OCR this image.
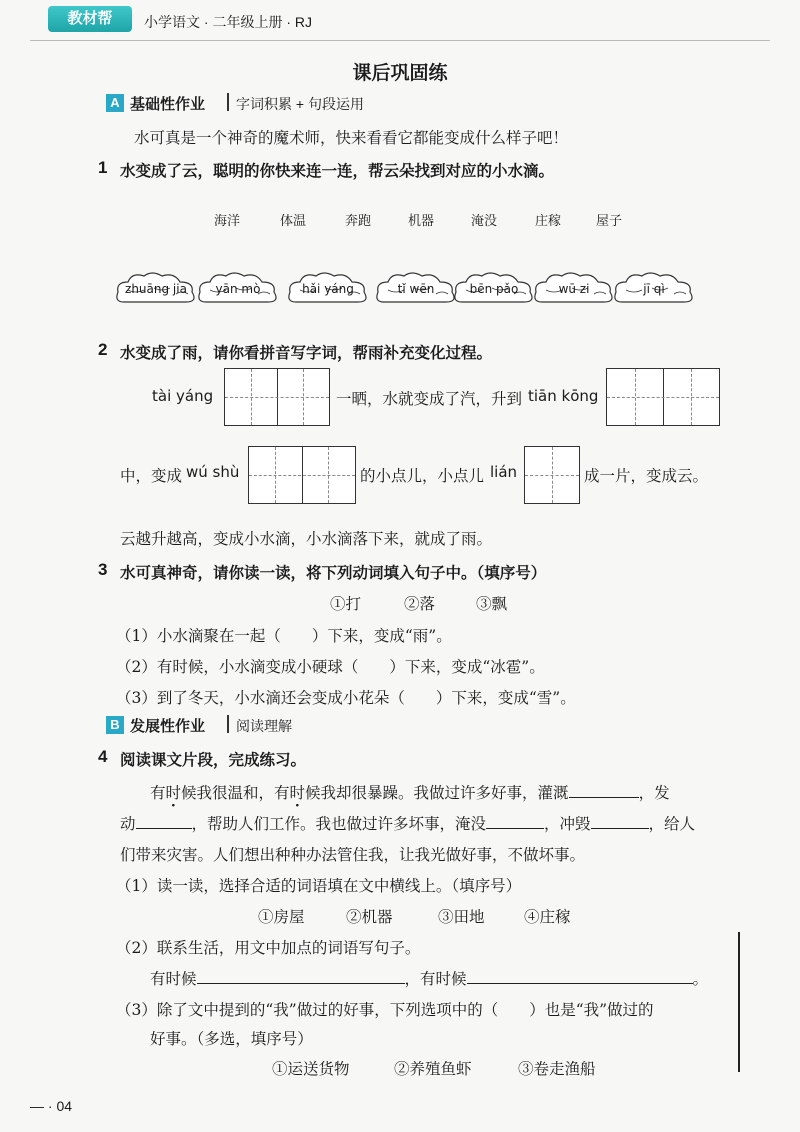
教材帮	小学语文 · 二年级上册 · RJ
课后巩固练
A 基础性作业 字词积累 + 句段运用
水可真是一个神奇的魔术师，快来看看它都能变成什么样子吧！
1 水变成了云，聪明的你快来连一连，帮云朵找到对应的小水滴。
海洋	体温	奔跑	机器	淹没	庄稼	屋子
zhuāng jia	yān mò	hǎi yáng	tǐ wēn	bēn pǎo	wū zi	jī qì
2 水变成了雨，请你看拼音写字词，帮雨补充变化过程。
tài yáng	一晒，水就变成了汽，升到 tiān kōng
中，变成 wú shù	的小点儿，小点儿 lián	成一片，变成云。
云越升越高，变成小水滴，小水滴落下来，就成了雨。
3 水可真神奇，请你读一读，将下列动词填入句子中。（填序号）
①打	②落	③飘
（1）小水滴聚在一起（　　）下来，变成“雨”。
（2）有时候，小水滴变成小硬球（　　）下来，变成“冰雹”。
（3）到了冬天，小水滴还会变成小花朵（　　）下来，变成“雪”。
B 发展性作业 阅读理解
4 阅读课文片段，完成练习。
有时候我很温和，有时候我却很暴躁。我做过许多好事，灌溉	，发
动	，帮助人们工作。我也做过许多坏事，淹没	，冲毁	，给人
们带来灾害。人们想出种种办法管住我，让我光做好事，不做坏事。
（1）读一读，选择合适的词语填在文中横线上。（填序号）
①房屋	②机器	③田地	④庄稼
（2）联系生活，用文中加点的词语写句子。
有时候	，有时候	。
（3）除了文中提到的“我”做过的好事，下列选项中的（　　）也是“我”做过的
好事。（多选，填序号）
①运送货物	②养殖鱼虾	③卷走渔船
— · 04
